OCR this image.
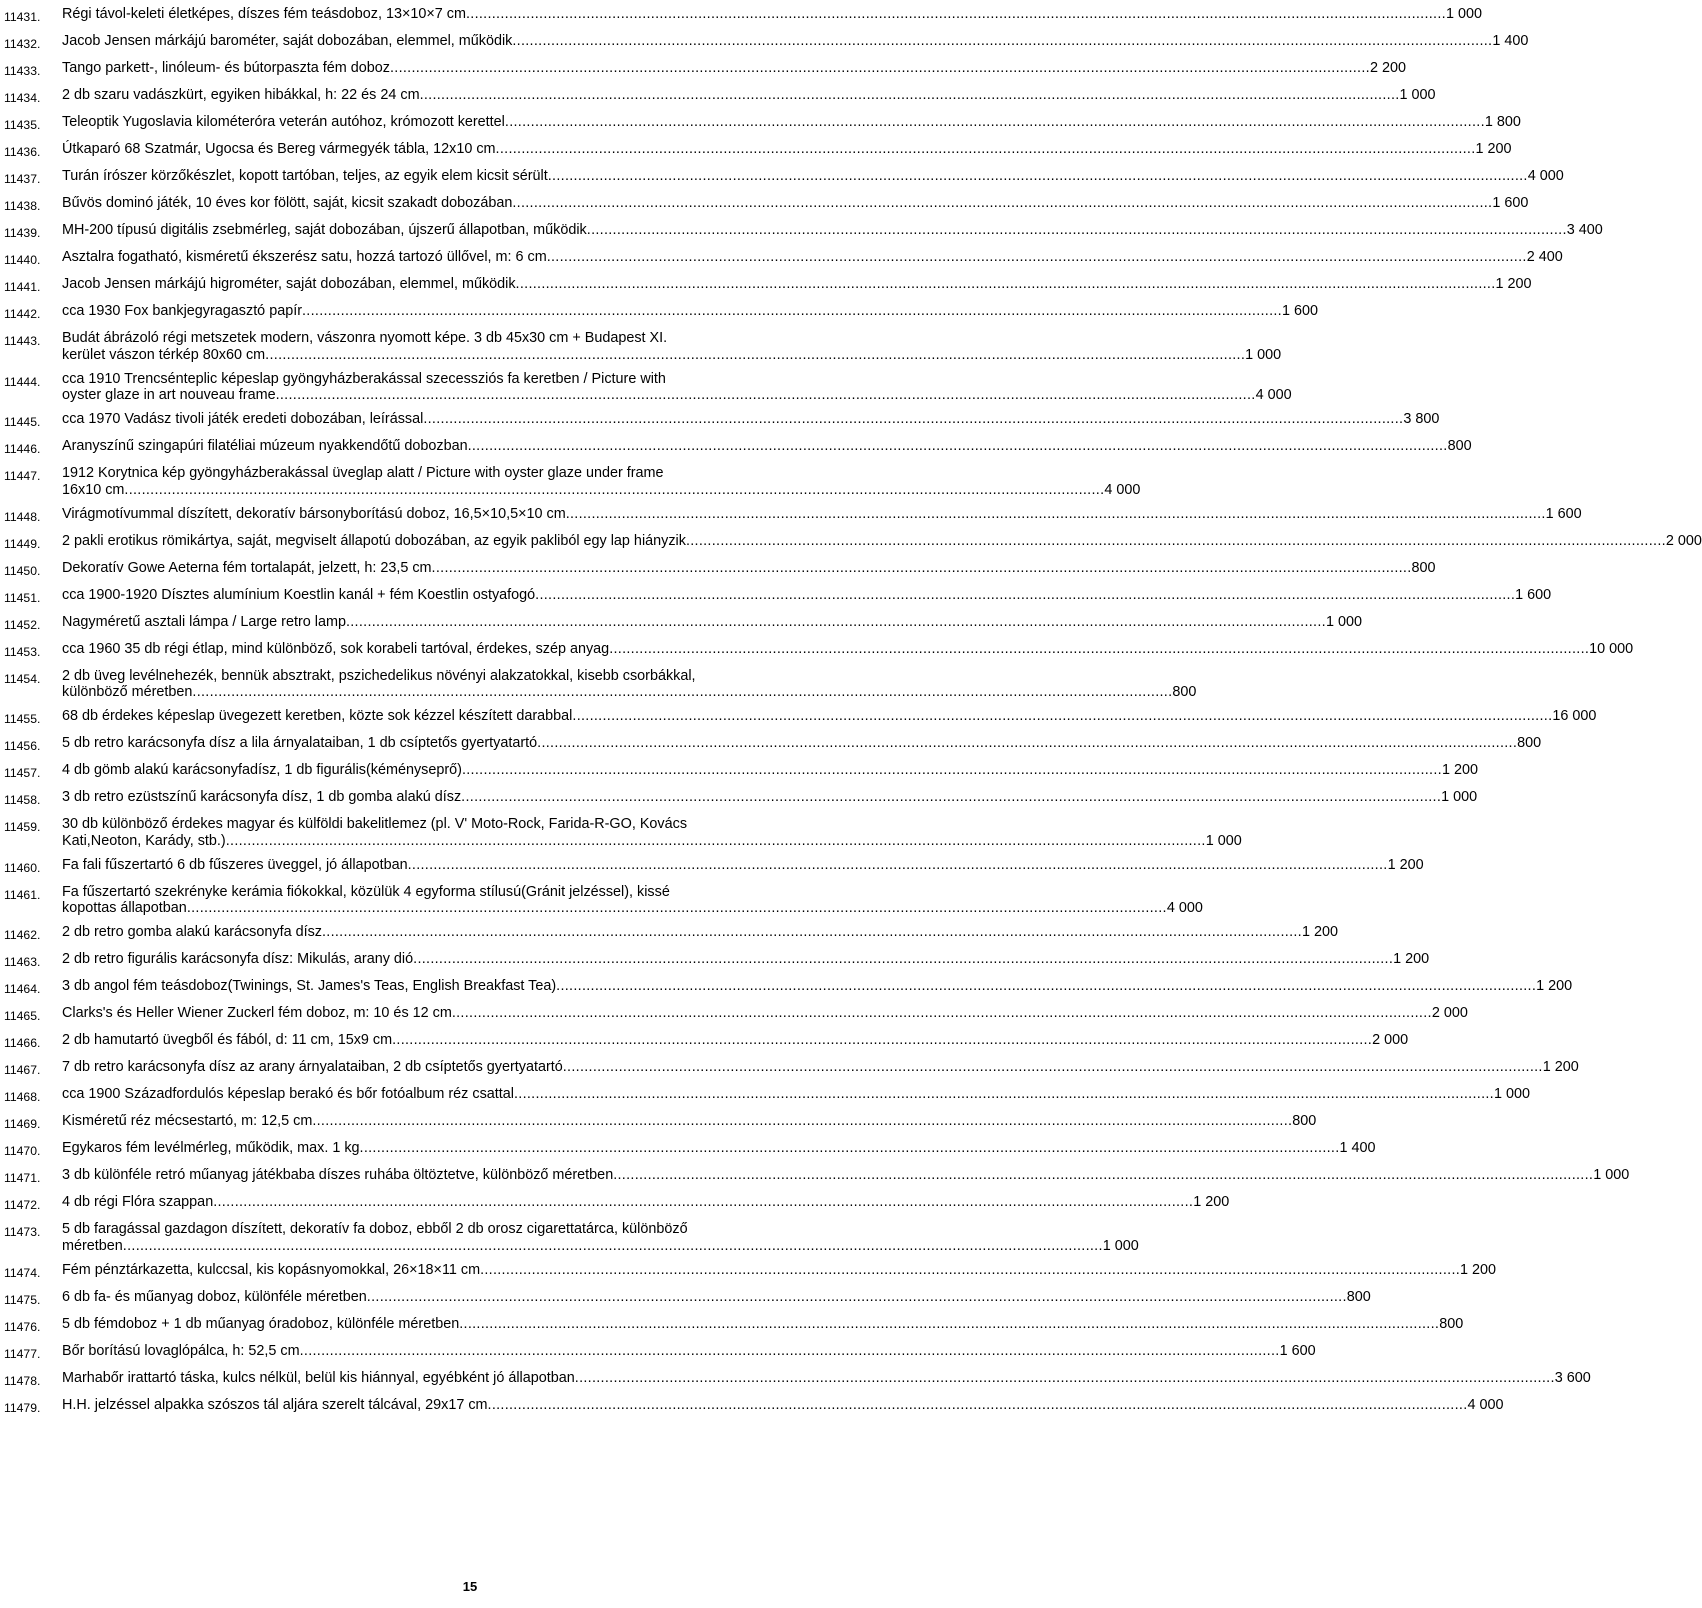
11431.	Régi távol-keleti életképes, díszes fém teásdoboz, 13×10×7 cm .....	1 000
11432.	Jacob Jensen márkájú barométer, saját dobozában, elemmel, működik .....	1 400
11433.	Tango parkett-, linóleum- és bútorpaszta fém doboz .....	2 200
11434.	2 db szaru vadászkürt, egyiken hibákkal, h: 22 és 24 cm .....	1 000
11435.	Teleoptik Yugoslavia kilométeróra veterán autóhoz, krómozott kerettel .....	1 800
11436.	Útkaparó 68 Szatmár, Ugocsa és Bereg vármegyék tábla, 12x10 cm .....	1 200
11437.	Turán írószer körzőkészlet, kopott tartóban, teljes, az egyik elem kicsit sérült .....	4 000
11438.	Bűvös dominó játék, 10 éves kor fölött, saját, kicsit szakadt dobozában .....	1 600
11439.	MH-200 típusú digitális zsebmérleg, saját dobozában, újszerű állapotban, működik .....	3 400
11440.	Asztalra fogatható, kisméretű ékszerész satu, hozzá tartozó üllővel, m: 6 cm .....	2 400
11441.	Jacob Jensen márkájú higrométer, saját dobozában, elemmel, működik .....	1 200
11442.	cca 1930 Fox bankjegyragasztó papír .....	1 600
11443.	Budát ábrázoló régi metszetek modern, vászonra nyomott képe. 3 db 45x30 cm + Budapest XI.
kerület vászon térkép 80x60 cm .....	1 000
11444.	cca 1910 Trencsénteplic képeslap gyöngyházberakással szecessziós fa keretben / Picture with
oyster glaze in art nouveau frame .....	4 000
11445.	cca 1970 Vadász tivoli játék eredeti dobozában, leírással .....	3 800
11446.	Aranyszínű szingapúri filatéliai múzeum nyakkendőtű dobozban .....	800
11447.	1912 Korytnica kép gyöngyházberakással üveglap alatt / Picture with oyster glaze under frame
16x10 cm .....	4 000
11448.	Virágmotívummal díszített, dekoratív bársonyborítású doboz, 16,5×10,5×10 cm .....	1 600
11449.	2 pakli erotikus römikártya, saját, megviselt állapotú dobozában, az egyik pakliból egy lap hiányzik .....	2 000
11450.	Dekoratív Gowe Aeterna fém tortalapát, jelzett, h: 23,5 cm .....	800
11451.	cca 1900-1920 Dísztes alumínium Koestlin kanál + fém Koestlin ostyafogó .....	1 600
11452.	Nagyméretű asztali lámpa / Large retro lamp .....	1 000
11453.	cca 1960 35 db régi étlap, mind különböző, sok korabeli tartóval, érdekes, szép anyag .....	10 000
11454.	2 db üveg levélnehezék, bennük absztrakt, pszichedelikus növényi alakzatokkal, kisebb csorbákkal,
különböző méretben .....	800
11455.	68 db érdekes képeslap üvegezett keretben, közte sok kézzel készített darabbal .....	16 000
11456.	5 db retro karácsonyfa dísz a lila árnyalataiban, 1 db csíptetős gyertyatartó .....	800
11457.	4 db gömb alakú karácsonyfadísz, 1 db figurális(kéményseprő) .....	1 200
11458.	3 db retro ezüstszínű karácsonyfa dísz, 1 db gomba alakú dísz .....	1 000
11459.	30 db különböző érdekes magyar és külföldi bakelitlemez (pl. V' Moto-Rock, Farida-R-GO, Kovács
Kati,Neoton, Karády, stb.) .....	1 000
11460.	Fa fali fűszertartó 6 db fűszeres üveggel, jó állapotban .....	1 200
11461.	Fa fűszertartó szekrényke kerámia fiókokkal, közülük 4 egyforma stílusú(Gránit jelzéssel), kissé
kopottas állapotban .....	4 000
11462.	2 db retro gomba alakú karácsonyfa dísz .....	1 200
11463.	2 db retro figurális karácsonyfa dísz: Mikulás, arany dió .....	1 200
11464.	3 db angol fém teásdoboz(Twinings, St. James's Teas, English Breakfast Tea) .....	1 200
11465.	Clarks's és Heller Wiener Zuckerl fém doboz, m: 10 és 12 cm .....	2 000
11466.	2 db hamutartó üvegből és fából, d: 11 cm, 15x9 cm .....	2 000
11467.	7 db retro karácsonyfa dísz az arany árnyalataiban, 2 db csíptetős gyertyatartó .....	1 200
11468.	cca 1900 Századfordulós képeslap berakó és bőr fotóalbum réz csattal .....	1 000
11469.	Kisméretű réz mécsestartó, m: 12,5 cm .....	800
11470.	Egykaros fém levélmérleg, működik, max. 1 kg .....	1 400
11471.	3 db különféle retró műanyag játékbaba díszes ruhába öltöztetve, különböző méretben .....	1 000
11472.	4 db régi Flóra szappan .....	1 200
11473.	5 db faragással gazdagon díszített, dekoratív fa doboz, ebből 2 db orosz cigarettatárca, különböző
méretben .....	1 000
11474.	Fém pénztárkazetta, kulccsal, kis kopásnyomokkal, 26×18×11 cm .....	1 200
11475.	6 db fa- és műanyag doboz, különféle méretben .....	800
11476.	5 db fémdoboz + 1 db műanyag óradoboz, különféle méretben .....	800
11477.	Bőr borítású lovaglópálca, h: 52,5 cm .....	1 600
11478.	Marhabőr irattartó táska, kulcs nélkül, belül kis hiánnyal, egyébként jó állapotban .....	3 600
11479.	H.H. jelzéssel alpakka szószos tál aljára szerelt tálcával, 29x17 cm .....	4 000
15
